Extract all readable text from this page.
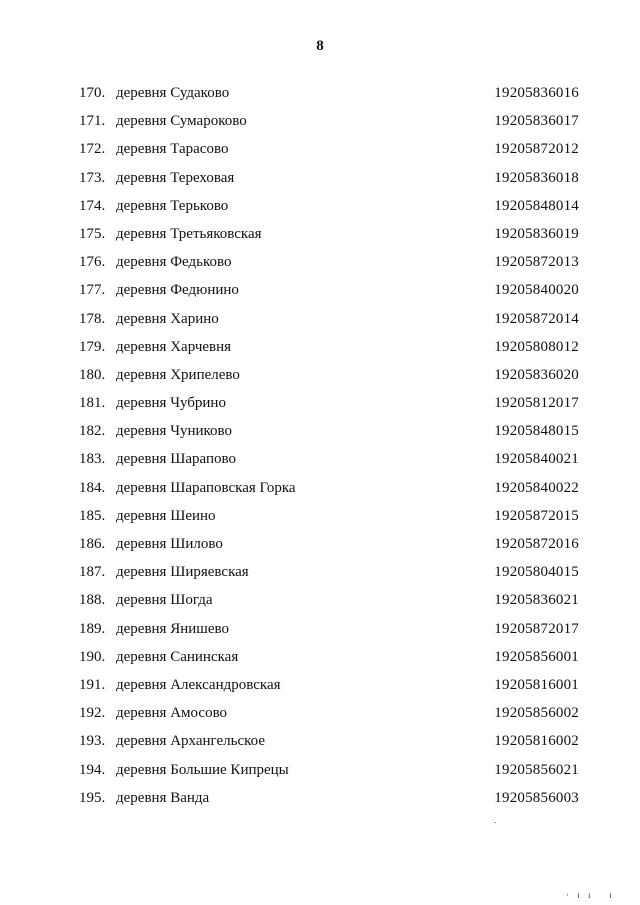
8
170. деревня Судаково	19205836016
171. деревня Сумароково	19205836017
172. деревня Тарасово	19205872012
173. деревня Тереховая	19205836018
174. деревня Терьково	19205848014
175. деревня Третьяковская	19205836019
176. деревня Федьково	19205872013
177. деревня Федюнино	19205840020
178. деревня Харино	19205872014
179. деревня Харчевня	19205808012
180. деревня Хрипелево	19205836020
181. деревня Чубрино	19205812017
182. деревня Чуниково	19205848015
183. деревня Шарапово	19205840021
184. деревня Шараповская Горка	19205840022
185. деревня Шеино	19205872015
186. деревня Шилово	19205872016
187. деревня Ширяевская	19205804015
188. деревня Шогда	19205836021
189. деревня Янишево	19205872017
190. деревня Санинская	19205856001
191. деревня Александровская	19205816001
192. деревня Амосово	19205856002
193. деревня Архангельское	19205816002
194. деревня Большие Кипрецы	19205856021
195. деревня Ванда	19205856003
· ı ı   ı
